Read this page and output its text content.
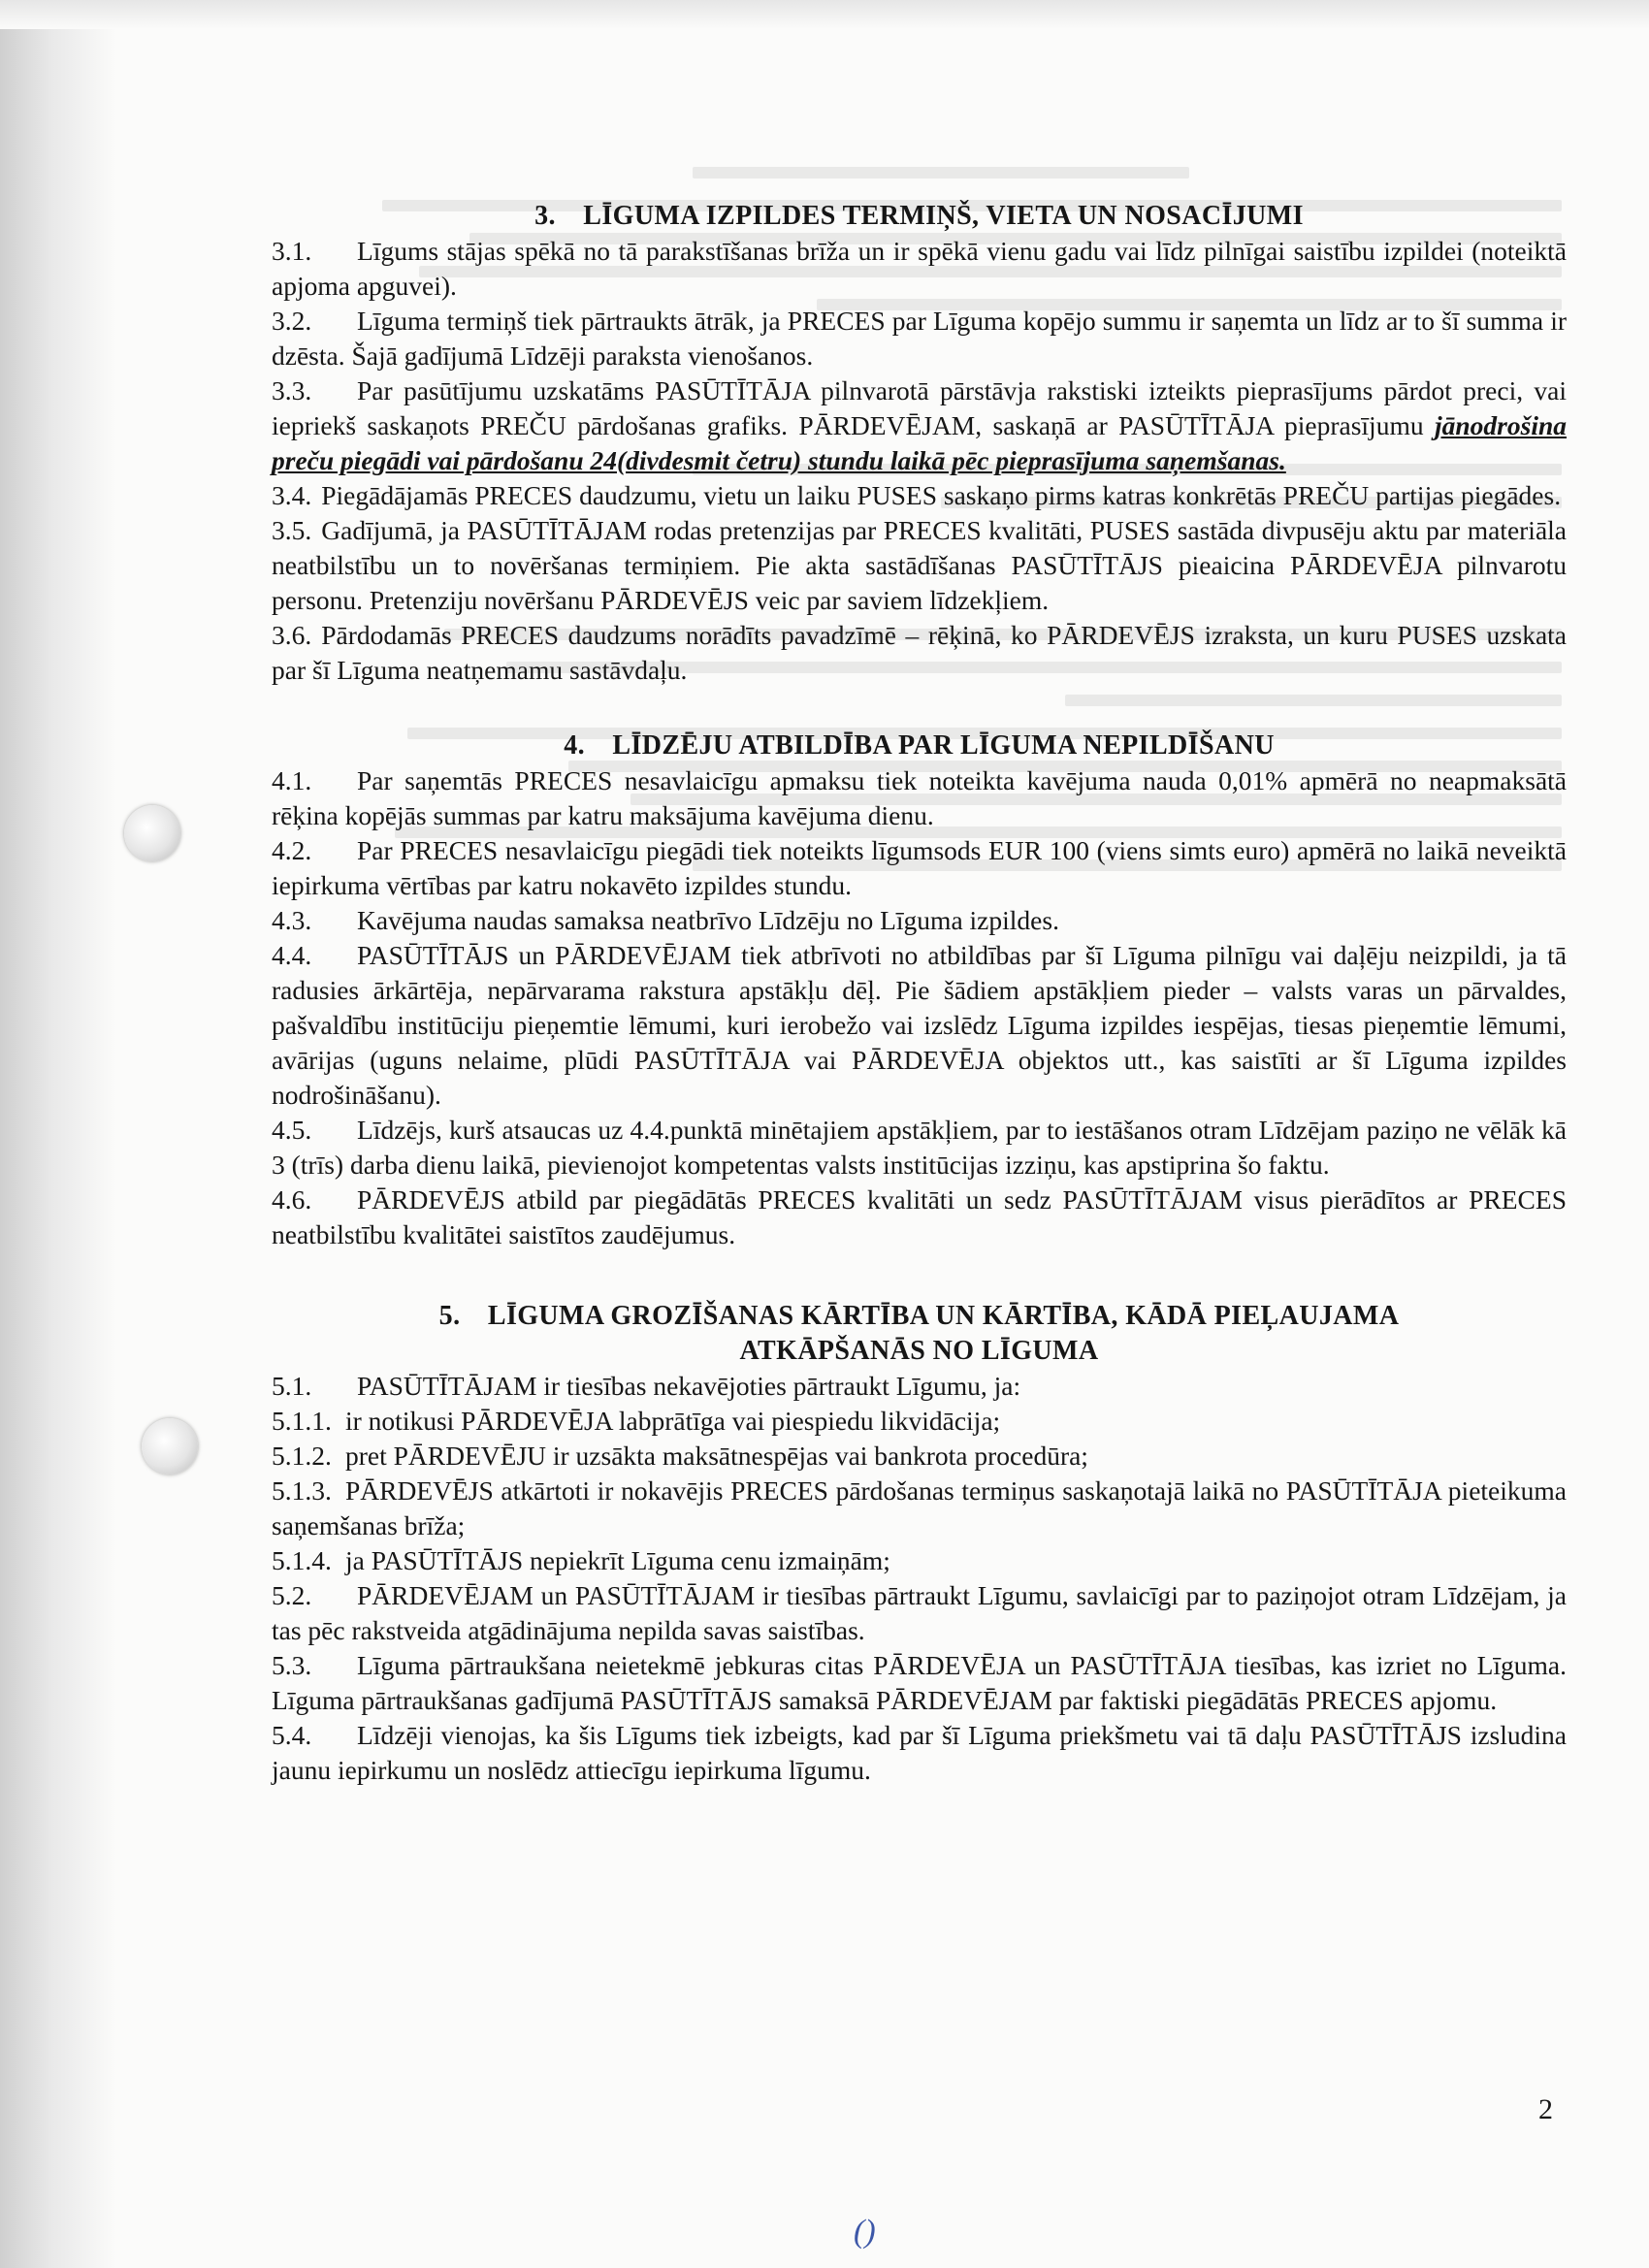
3. LĪGUMA IZPILDES TERMIŅŠ, VIETA UN NOSACĪJUMI

3.1. Līgums stājas spēkā no tā parakstīšanas brīža un ir spēkā vienu gadu vai līdz pilnīgai saistību izpildei (noteiktā apjoma apguvei).

3.2. Līguma termiņš tiek pārtraukts ātrāk, ja PRECES par Līguma kopējo summu ir saņemta un līdz ar to šī summa ir dzēsta. Šajā gadījumā Līdzēji paraksta vienošanos.

3.3. Par pasūtījumu uzskatāms PASŪTĪTĀJA pilnvarotā pārstāvja rakstiski izteikts pieprasījums pārdot preci, vai iepriekš saskaņots PREČU pārdošanas grafiks. PĀRDEVĒJAM, saskaņā ar PASŪTĪTĀJA pieprasījumu jānodrošina preču piegādi vai pārdošanu 24(divdesmit četru) stundu laikā pēc pieprasījuma saņemšanas.

3.4. Piegādājamās PRECES daudzumu, vietu un laiku PUSES saskaņo pirms katras konkrētās PREČU partijas piegādes.

3.5. Gadījumā, ja PASŪTĪTĀJAM rodas pretenzijas par PRECES kvalitāti, PUSES sastāda divpusēju aktu par materiāla neatbilstību un to novēršanas termiņiem. Pie akta sastādīšanas PASŪTĪTĀJS pieaicina PĀRDEVĒJA pilnvarotu personu. Pretenziju novēršanu PĀRDEVĒJS veic par saviem līdzekļiem.

3.6. Pārdodamās PRECES daudzums norādīts pavadzīmē – rēķinā, ko PĀRDEVĒJS izraksta, un kuru PUSES uzskata par šī Līguma neatņemamu sastāvdaļu.

4. LĪDZĒJU ATBILDĪBA PAR LĪGUMA NEPILDĪŠANU

4.1. Par saņemtās PRECES nesavlaicīgu apmaksu tiek noteikta kavējuma nauda 0,01% apmērā no neapmaksātā rēķina kopējās summas par katru maksājuma kavējuma dienu.

4.2. Par PRECES nesavlaicīgu piegādi tiek noteikts līgumsods EUR 100 (viens simts euro) apmērā no laikā neveiktā iepirkuma vērtības par katru nokavēto izpildes stundu.

4.3. Kavējuma naudas samaksa neatbrīvo Līdzēju no Līguma izpildes.

4.4. PASŪTĪTĀJS un PĀRDEVĒJAM tiek atbrīvoti no atbildības par šī Līguma pilnīgu vai daļēju neizpildi, ja tā radusies ārkārtēja, nepārvarama rakstura apstākļu dēļ. Pie šādiem apstākļiem pieder – valsts varas un pārvaldes, pašvaldību institūciju pieņemtie lēmumi, kuri ierobežo vai izslēdz Līguma izpildes iespējas, tiesas pieņemtie lēmumi, avārijas (uguns nelaime, plūdi PASŪTĪTĀJA vai PĀRDEVĒJA objektos utt., kas saistīti ar šī Līguma izpildes nodrošināšanu).

4.5. Līdzējs, kurš atsaucas uz 4.4.punktā minētajiem apstākļiem, par to iestāšanos otram Līdzējam paziņo ne vēlāk kā 3 (trīs) darba dienu laikā, pievienojot kompetentas valsts institūcijas izziņu, kas apstiprina šo faktu.

4.6. PĀRDEVĒJS atbild par piegādātās PRECES kvalitāti un sedz PASŪTĪTĀJAM visus pierādītos ar PRECES neatbilstību kvalitātei saistītos zaudējumus.

5. LĪGUMA GROZĪŠANAS KĀRTĪBA UN KĀRTĪBA, KĀDĀ PIEĻAUJAMA
ATKĀPŠANĀS NO LĪGUMA

5.1. PASŪTĪTĀJAM ir tiesības nekavējoties pārtraukt Līgumu, ja:

5.1.1. ir notikusi PĀRDEVĒJA labprātīga vai piespiedu likvidācija;

5.1.2. pret PĀRDEVĒJU ir uzsākta maksātnespējas vai bankrota procedūra;

5.1.3. PĀRDEVĒJS atkārtoti ir nokavējis PRECES pārdošanas termiņus saskaņotajā laikā no PASŪTĪTĀJA pieteikuma saņemšanas brīža;

5.1.4. ja PASŪTĪTĀJS nepiekrīt Līguma cenu izmaiņām;

5.2. PĀRDEVĒJAM un PASŪTĪTĀJAM ir tiesības pārtraukt Līgumu, savlaicīgi par to paziņojot otram Līdzējam, ja tas pēc rakstveida atgādinājuma nepilda savas saistības.

5.3. Līguma pārtraukšana neietekmē jebkuras citas PĀRDEVĒJA un PASŪTĪTĀJA tiesības, kas izriet no Līguma. Līguma pārtraukšanas gadījumā PASŪTĪTĀJS samaksā PĀRDEVĒJAM par faktiski piegādātās PRECES apjomu.

5.4. Līdzēji vienojas, ka šis Līgums tiek izbeigts, kad par šī Līguma priekšmetu vai tā daļu PASŪTĪTĀJS izsludina jaunu iepirkumu un noslēdz attiecīgu iepirkuma līgumu.

2
()
